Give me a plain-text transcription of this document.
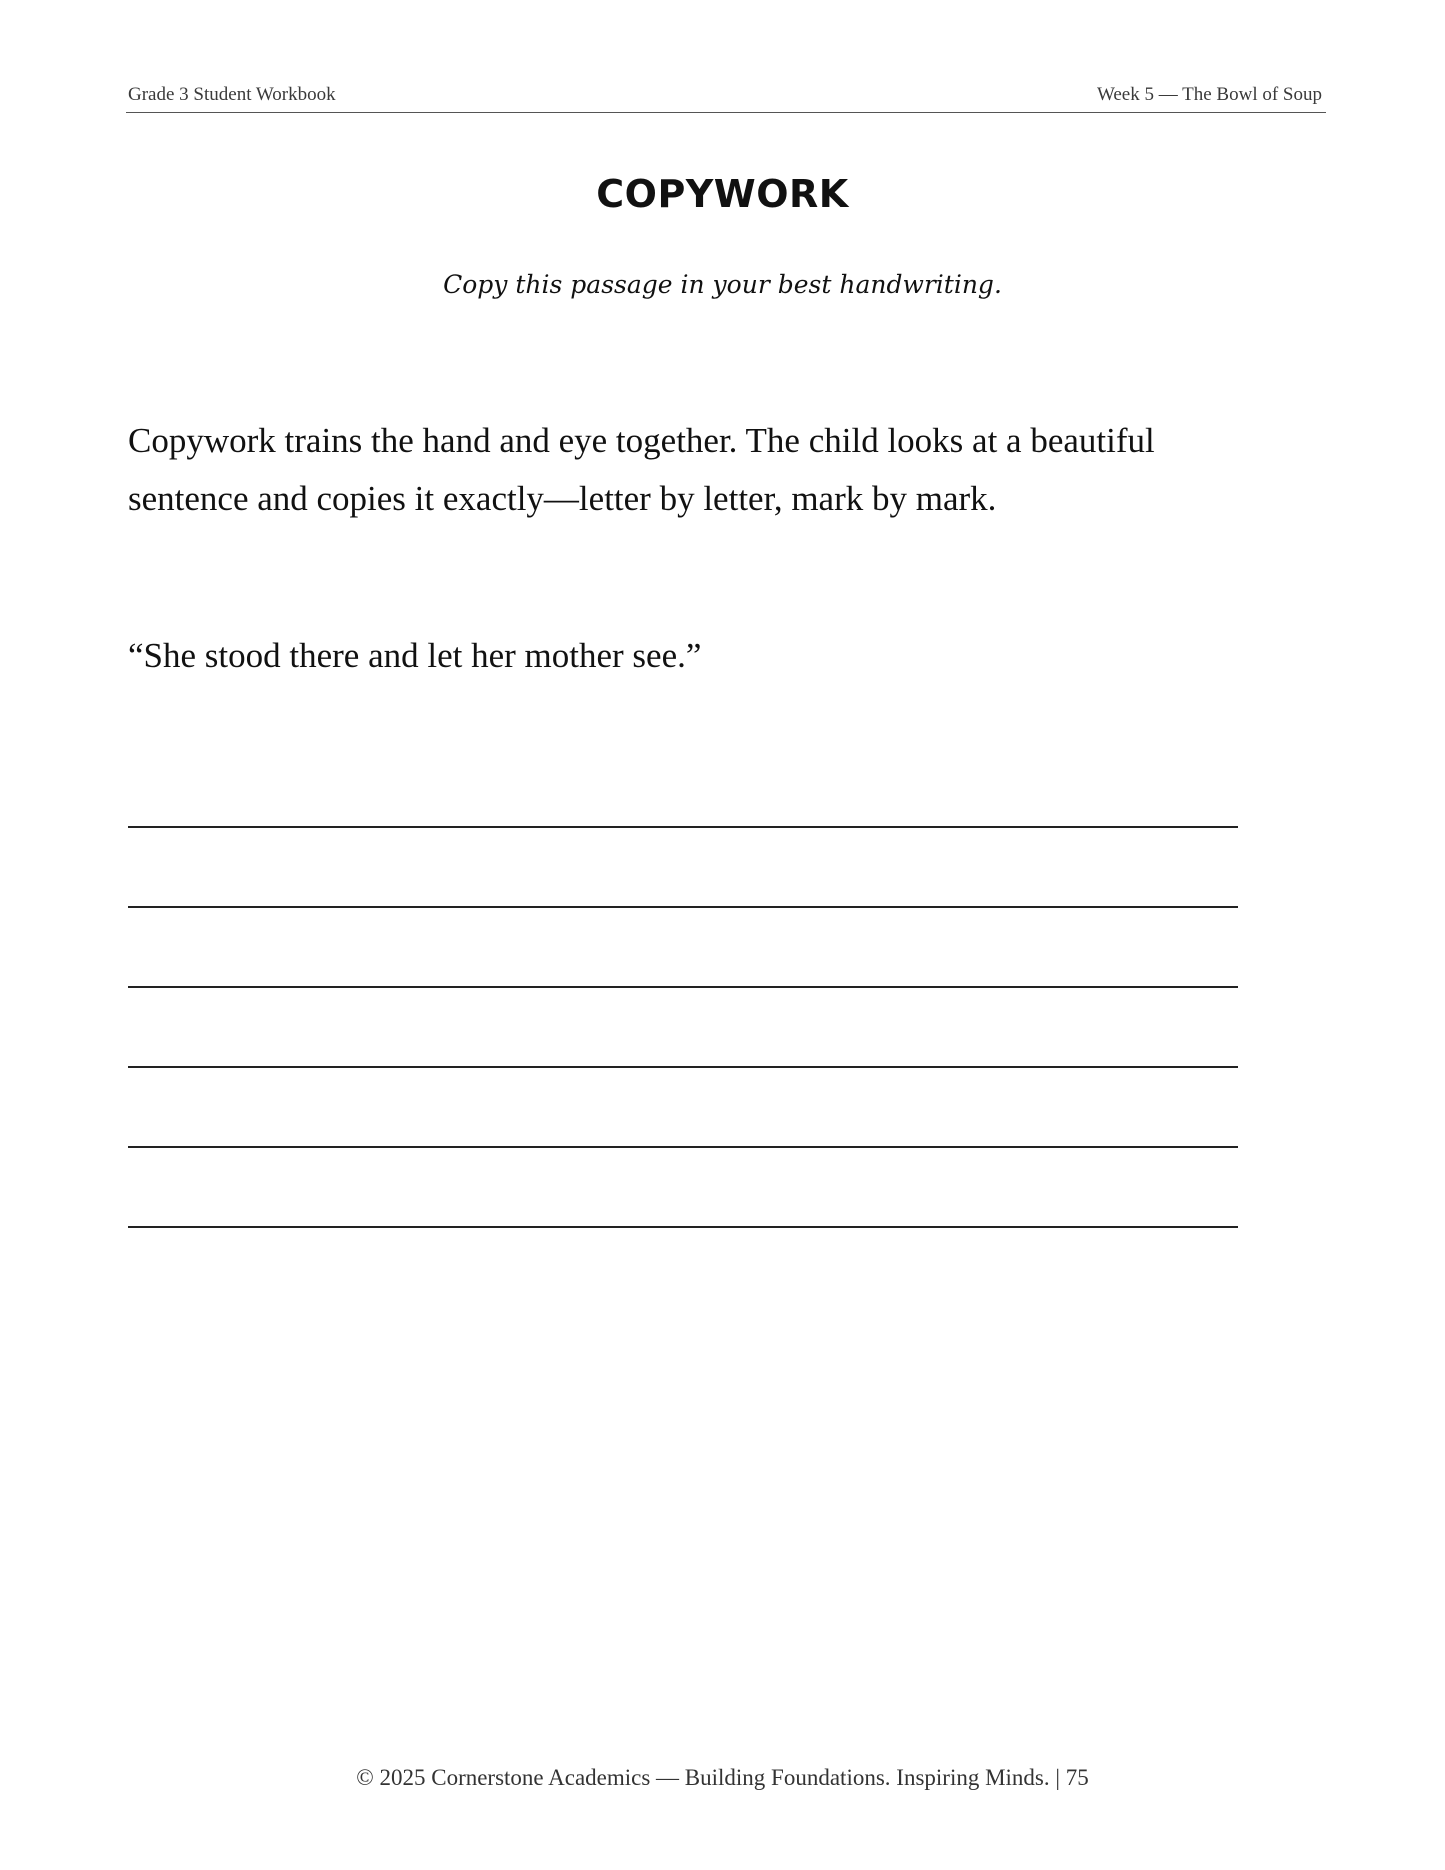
Grade 3 Student Workbook	Week 5 — The Bowl of Soup
COPYWORK
Copy this passage in your best handwriting.

Copywork trains the hand and eye together. The child looks at a beautiful sentence and copies it exactly—letter by letter, mark by mark.

“She stood there and let her mother see.”

© 2025 Cornerstone Academics — Building Foundations. Inspiring Minds. | 75
